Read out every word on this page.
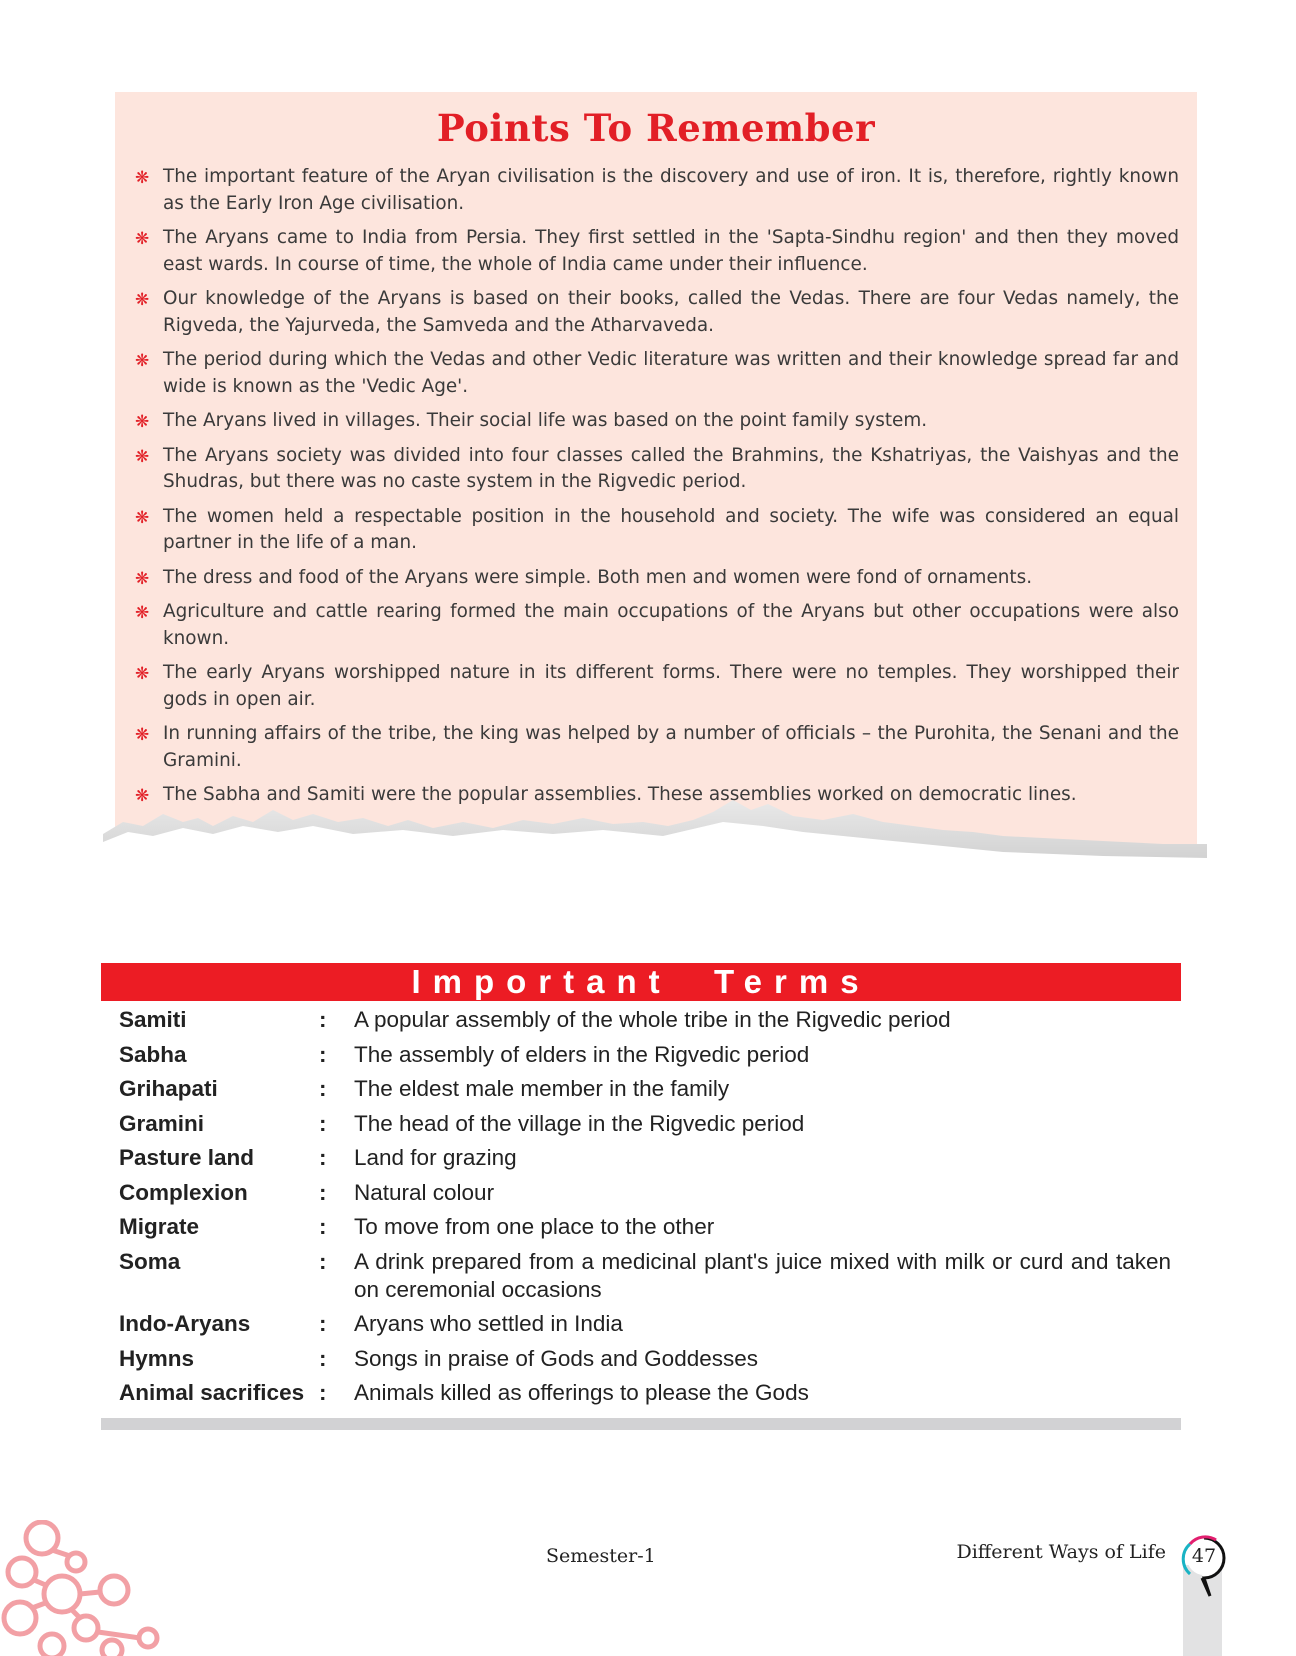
Points To Remember
❋ The important feature of the Aryan civilisation is the discovery and use of iron. It is, therefore, rightly known as the Early Iron Age civilisation.
❋ The Aryans came to India from Persia. They first settled in the 'Sapta-Sindhu region' and then they moved east wards. In course of time, the whole of India came under their influence.
❋ Our knowledge of the Aryans is based on their books, called the Vedas. There are four Vedas namely, the Rigveda, the Yajurveda, the Samveda and the Atharvaveda.
❋ The period during which the Vedas and other Vedic literature was written and their knowledge spread far and wide is known as the 'Vedic Age'.
❋ The Aryans lived in villages. Their social life was based on the point family system.
❋ The Aryans society was divided into four classes called the Brahmins, the Kshatriyas, the Vaishyas and the Shudras, but there was no caste system in the Rigvedic period.
❋ The women held a respectable position in the household and society. The wife was considered an equal partner in the life of a man.
❋ The dress and food of the Aryans were simple. Both men and women were fond of ornaments.
❋ Agriculture and cattle rearing formed the main occupations of the Aryans but other occupations were also known.
❋ The early Aryans worshipped nature in its different forms. There were no temples. They worshipped their gods in open air.
❋ In running affairs of the tribe, the king was helped by a number of officials – the Purohita, the Senani and the Gramini.
❋ The Sabha and Samiti were the popular assemblies. These assemblies worked on democratic lines.
Important  Terms
Samiti	:	A popular assembly of the whole tribe in the Rigvedic period
Sabha	:	The assembly of elders in the Rigvedic period
Grihapati	:	The eldest male member in the family
Gramini	:	The head of the village in the Rigvedic period
Pasture land	:	Land for grazing
Complexion	:	Natural colour
Migrate	:	To move from one place to the other
Soma	:	A drink prepared from a medicinal plant's juice mixed with milk or curd and taken on ceremonial occasions
Indo-Aryans	:	Aryans who settled in India
Hymns	:	Songs in praise of Gods and Goddesses
Animal sacrifices	:	Animals killed as offerings to please the Gods
Semester-1	Different Ways of Life	47
